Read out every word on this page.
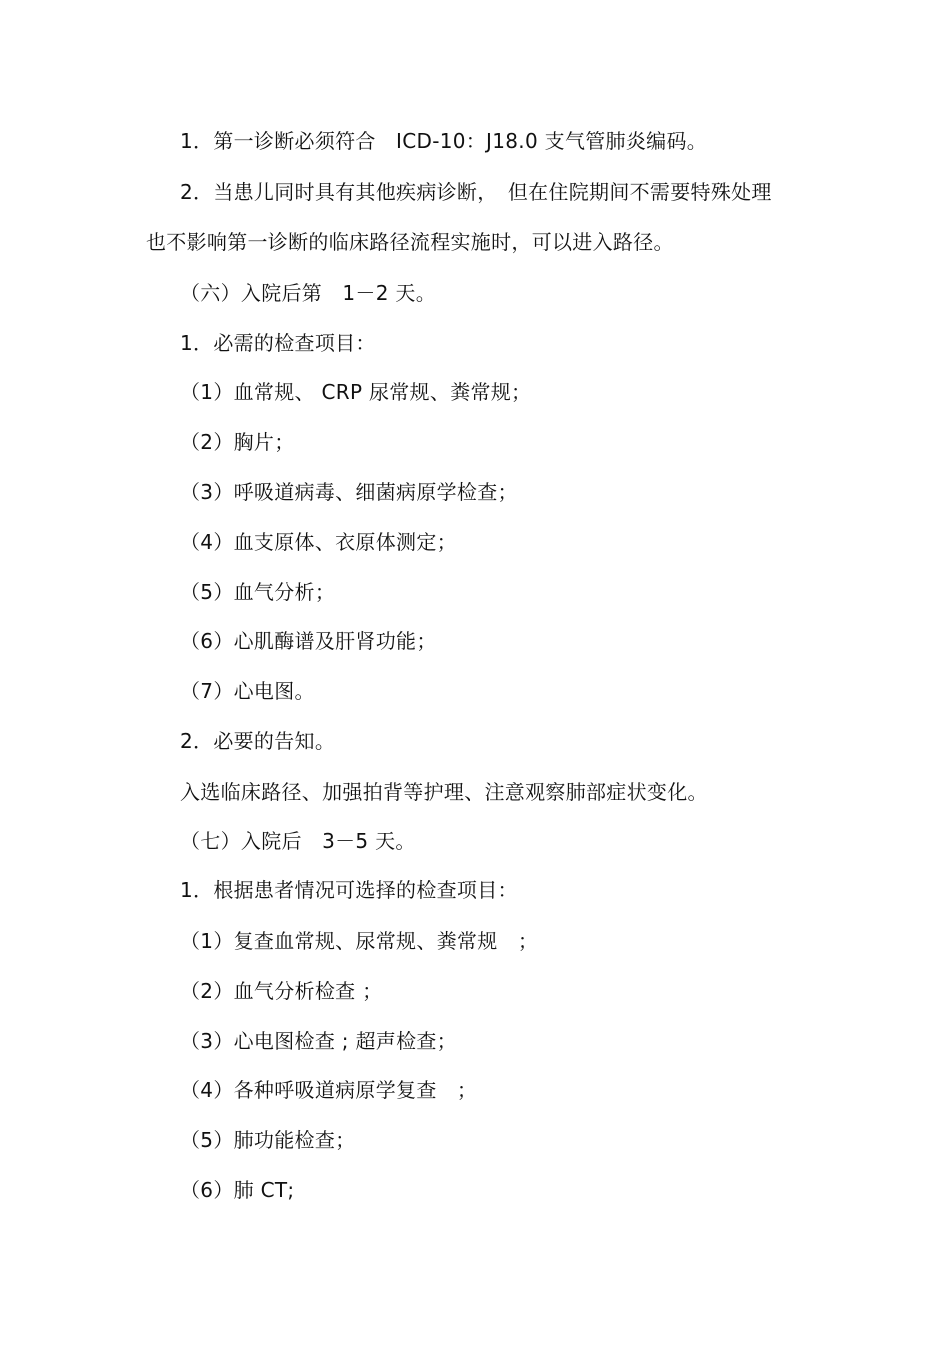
1．第一诊断必须符合　ICD-10：J18.0 支气管肺炎编码。
2．当患儿同时具有其他疾病诊断，　但在住院期间不需要特殊处理
也不影响第一诊断的临床路径流程实施时，可以进入路径。
（六）入院后第　1－2 天。
1．必需的检查项目：
（1）血常规、 CRP 尿常规、粪常规；
（2）胸片；
（3）呼吸道病毒、细菌病原学检查；
（4）血支原体、衣原体测定；
（5）血气分析；
（6）心肌酶谱及肝肾功能；
（7）心电图。
2．必要的告知。
入选临床路径、加强拍背等护理、注意观察肺部症状变化。
（七）入院后　3－5 天。
1．根据患者情况可选择的检查项目：
（1）复查血常规、尿常规、粪常规　；
（2）血气分析检查 ；
（3）心电图检查 ; 超声检查；
（4）各种呼吸道病原学复查　；
（5）肺功能检查；
（6）肺 CT;
